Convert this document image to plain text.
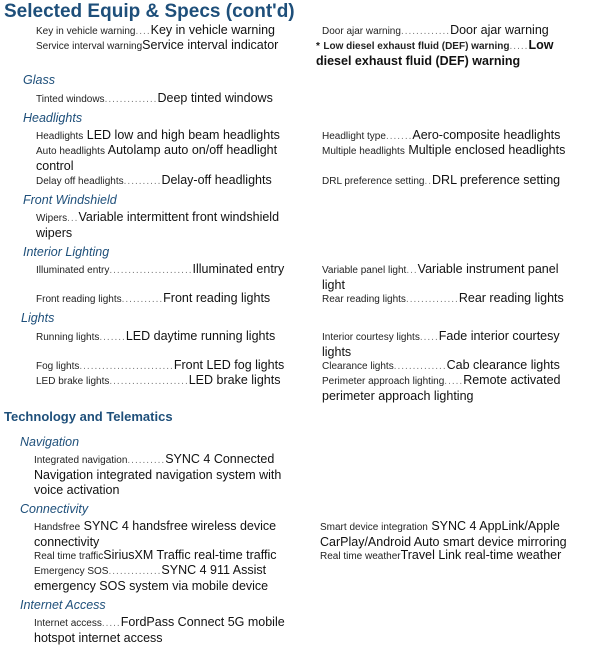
Selected Equip & Specs (cont'd)
Key in vehicle warning....Key in vehicle warning
Service interval warningService interval indicator
Door ajar warning.............Door ajar warning
* Low diesel exhaust fluid (DEF) warning.....Low diesel exhaust fluid (DEF) warning
Glass
Tinted windows..............Deep tinted windows
Headlights
Headlights LED low and high beam headlights
Auto headlights Autolamp auto on/off headlight control
Delay off headlights..........Delay-off headlights
Headlight type.......Aero-composite headlights
Multiple headlights Multiple enclosed headlights
DRL preference setting..DRL preference setting
Front Windshield
Wipers...Variable intermittent front windshield wipers
Interior Lighting
Illuminated entry......................Illuminated entry
Front reading lights...........Front reading lights
Variable panel light...Variable instrument panel light
Rear reading lights..............Rear reading lights
Lights
Running lights.......LED daytime running lights
Fog lights.........................Front LED fog lights
LED brake lights.....................LED brake lights
Interior courtesy lights.....Fade interior courtesy lights
Clearance lights..............Cab clearance lights
Perimeter approach lighting.....Remote activated perimeter approach lighting
Technology and Telematics
Navigation
Integrated navigation..........SYNC 4 Connected Navigation integrated navigation system with voice activation
Connectivity
Handsfree SYNC 4 handsfree wireless device connectivity
Real time trafficSiriusXM Traffic real-time traffic
Emergency SOS..............SYNC 4 911 Assist emergency SOS system via mobile device
Smart device integration SYNC 4 AppLink/Apple CarPlay/Android Auto smart device mirroring
Real time weatherTravel Link real-time weather
Internet Access
Internet access.....FordPass Connect 5G mobile hotspot internet access
